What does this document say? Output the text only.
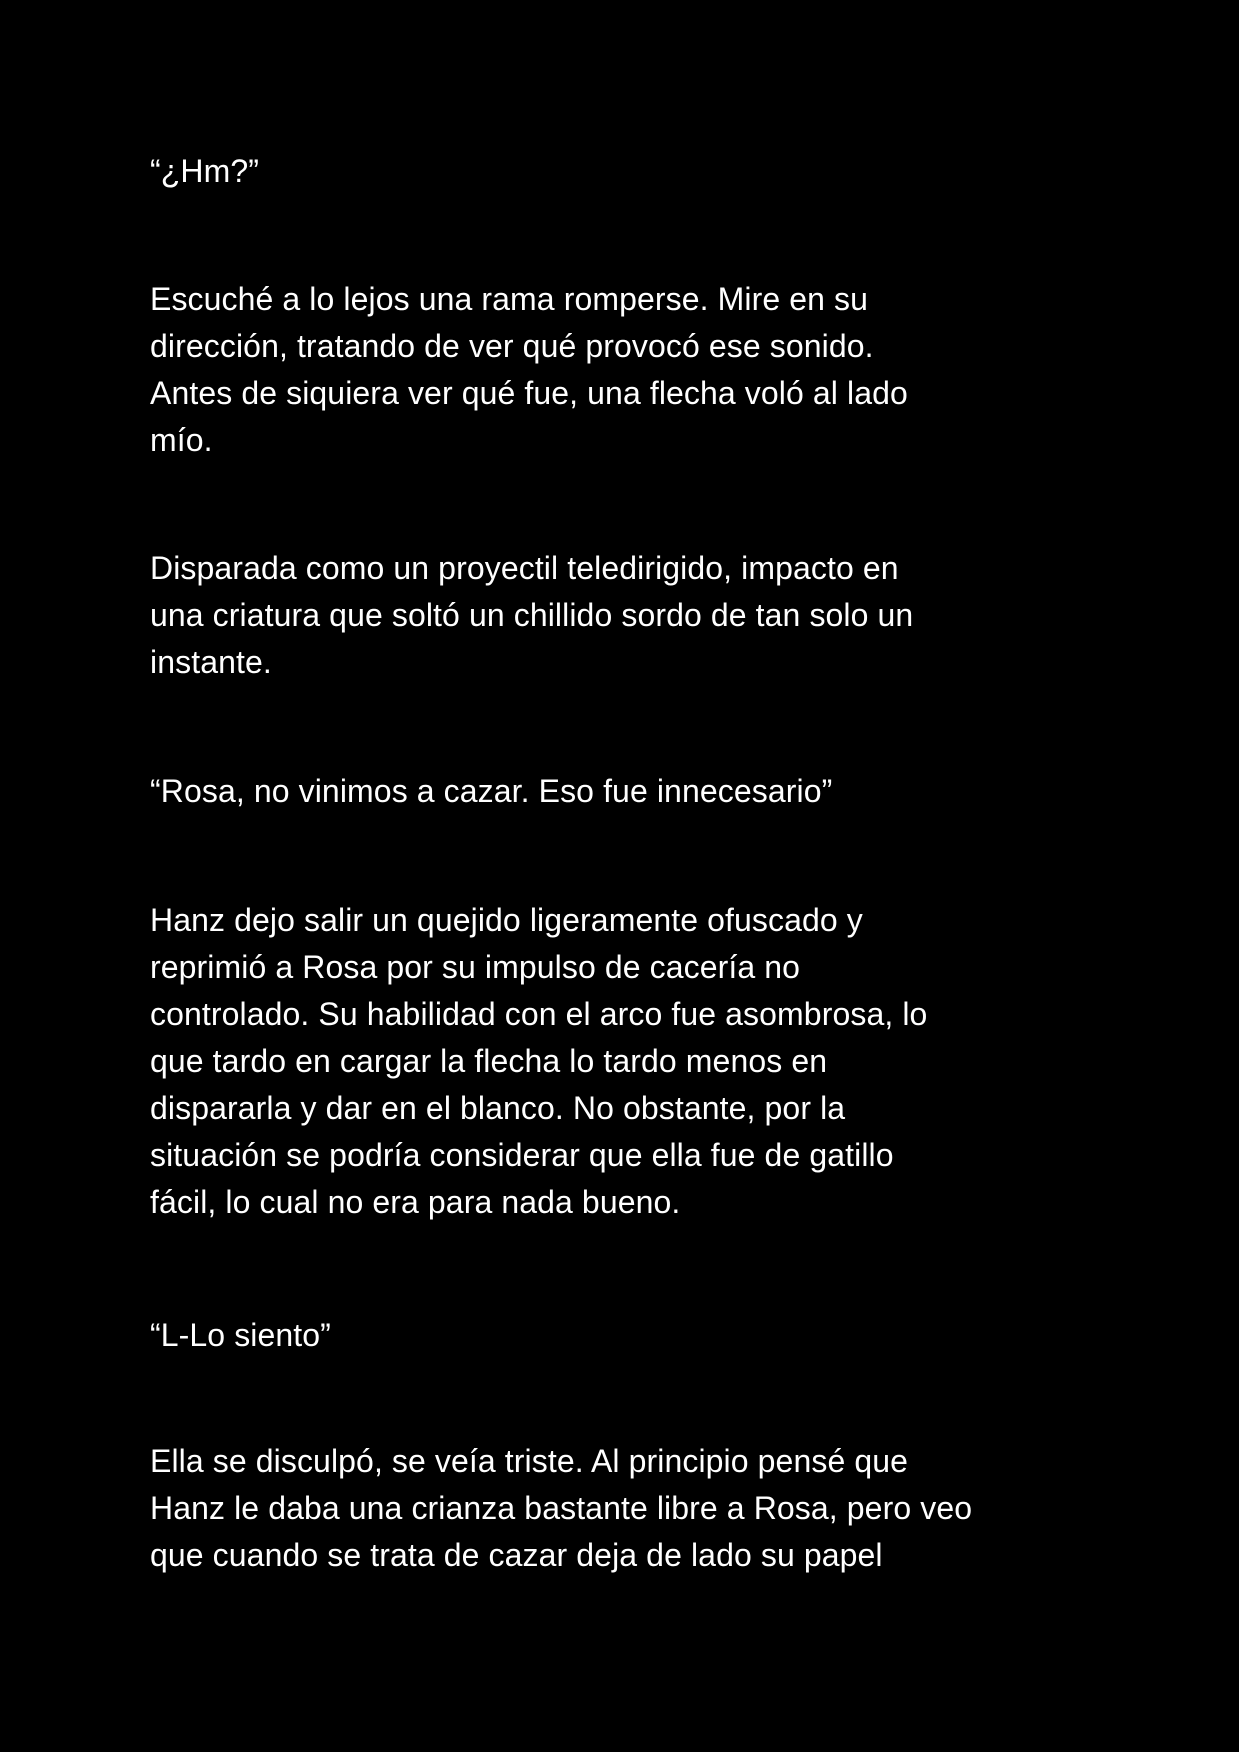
“¿Hm?”
Escuché a lo lejos una rama romperse. Mire en su
dirección, tratando de ver qué provocó ese sonido.
Antes de siquiera ver qué fue, una flecha voló al lado
mío.
Disparada como un proyectil teledirigido, impacto en
una criatura que soltó un chillido sordo de tan solo un
instante.
“Rosa, no vinimos a cazar. Eso fue innecesario”
Hanz dejo salir un quejido ligeramente ofuscado y
reprimió a Rosa por su impulso de cacería no
controlado. Su habilidad con el arco fue asombrosa, lo
que tardo en cargar la flecha lo tardo menos en
dispararla y dar en el blanco. No obstante, por la
situación se podría considerar que ella fue de gatillo
fácil, lo cual no era para nada bueno.
“L-Lo siento”
Ella se disculpó, se veía triste. Al principio pensé que
Hanz le daba una crianza bastante libre a Rosa, pero veo
que cuando se trata de cazar deja de lado su papel
